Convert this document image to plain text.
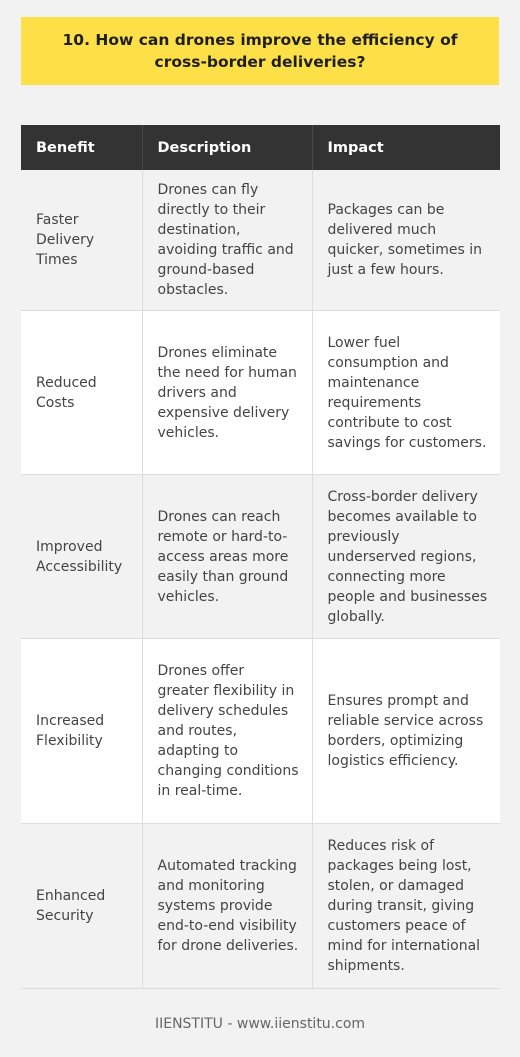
10. How can drones improve the efficiency of cross-border deliveries?
Benefit	Description	Impact
Faster Delivery Times	Drones can fly directly to their destination, avoiding traffic and ground-based obstacles.	Packages can be delivered much quicker, sometimes in just a few hours.
Reduced Costs	Drones eliminate the need for human drivers and expensive delivery vehicles.	Lower fuel consumption and maintenance requirements contribute to cost savings for customers.
Improved Accessibility	Drones can reach remote or hard-to-access areas more easily than ground vehicles.	Cross-border delivery becomes available to previously underserved regions, connecting more people and businesses globally.
Increased Flexibility	Drones offer greater flexibility in delivery schedules and routes, adapting to changing conditions in real-time.	Ensures prompt and reliable service across borders, optimizing logistics efficiency.
Enhanced Security	Automated tracking and monitoring systems provide end-to-end visibility for drone deliveries.	Reduces risk of packages being lost, stolen, or damaged during transit, giving customers peace of mind for international shipments.
IIENSTITU - www.iienstitu.com
